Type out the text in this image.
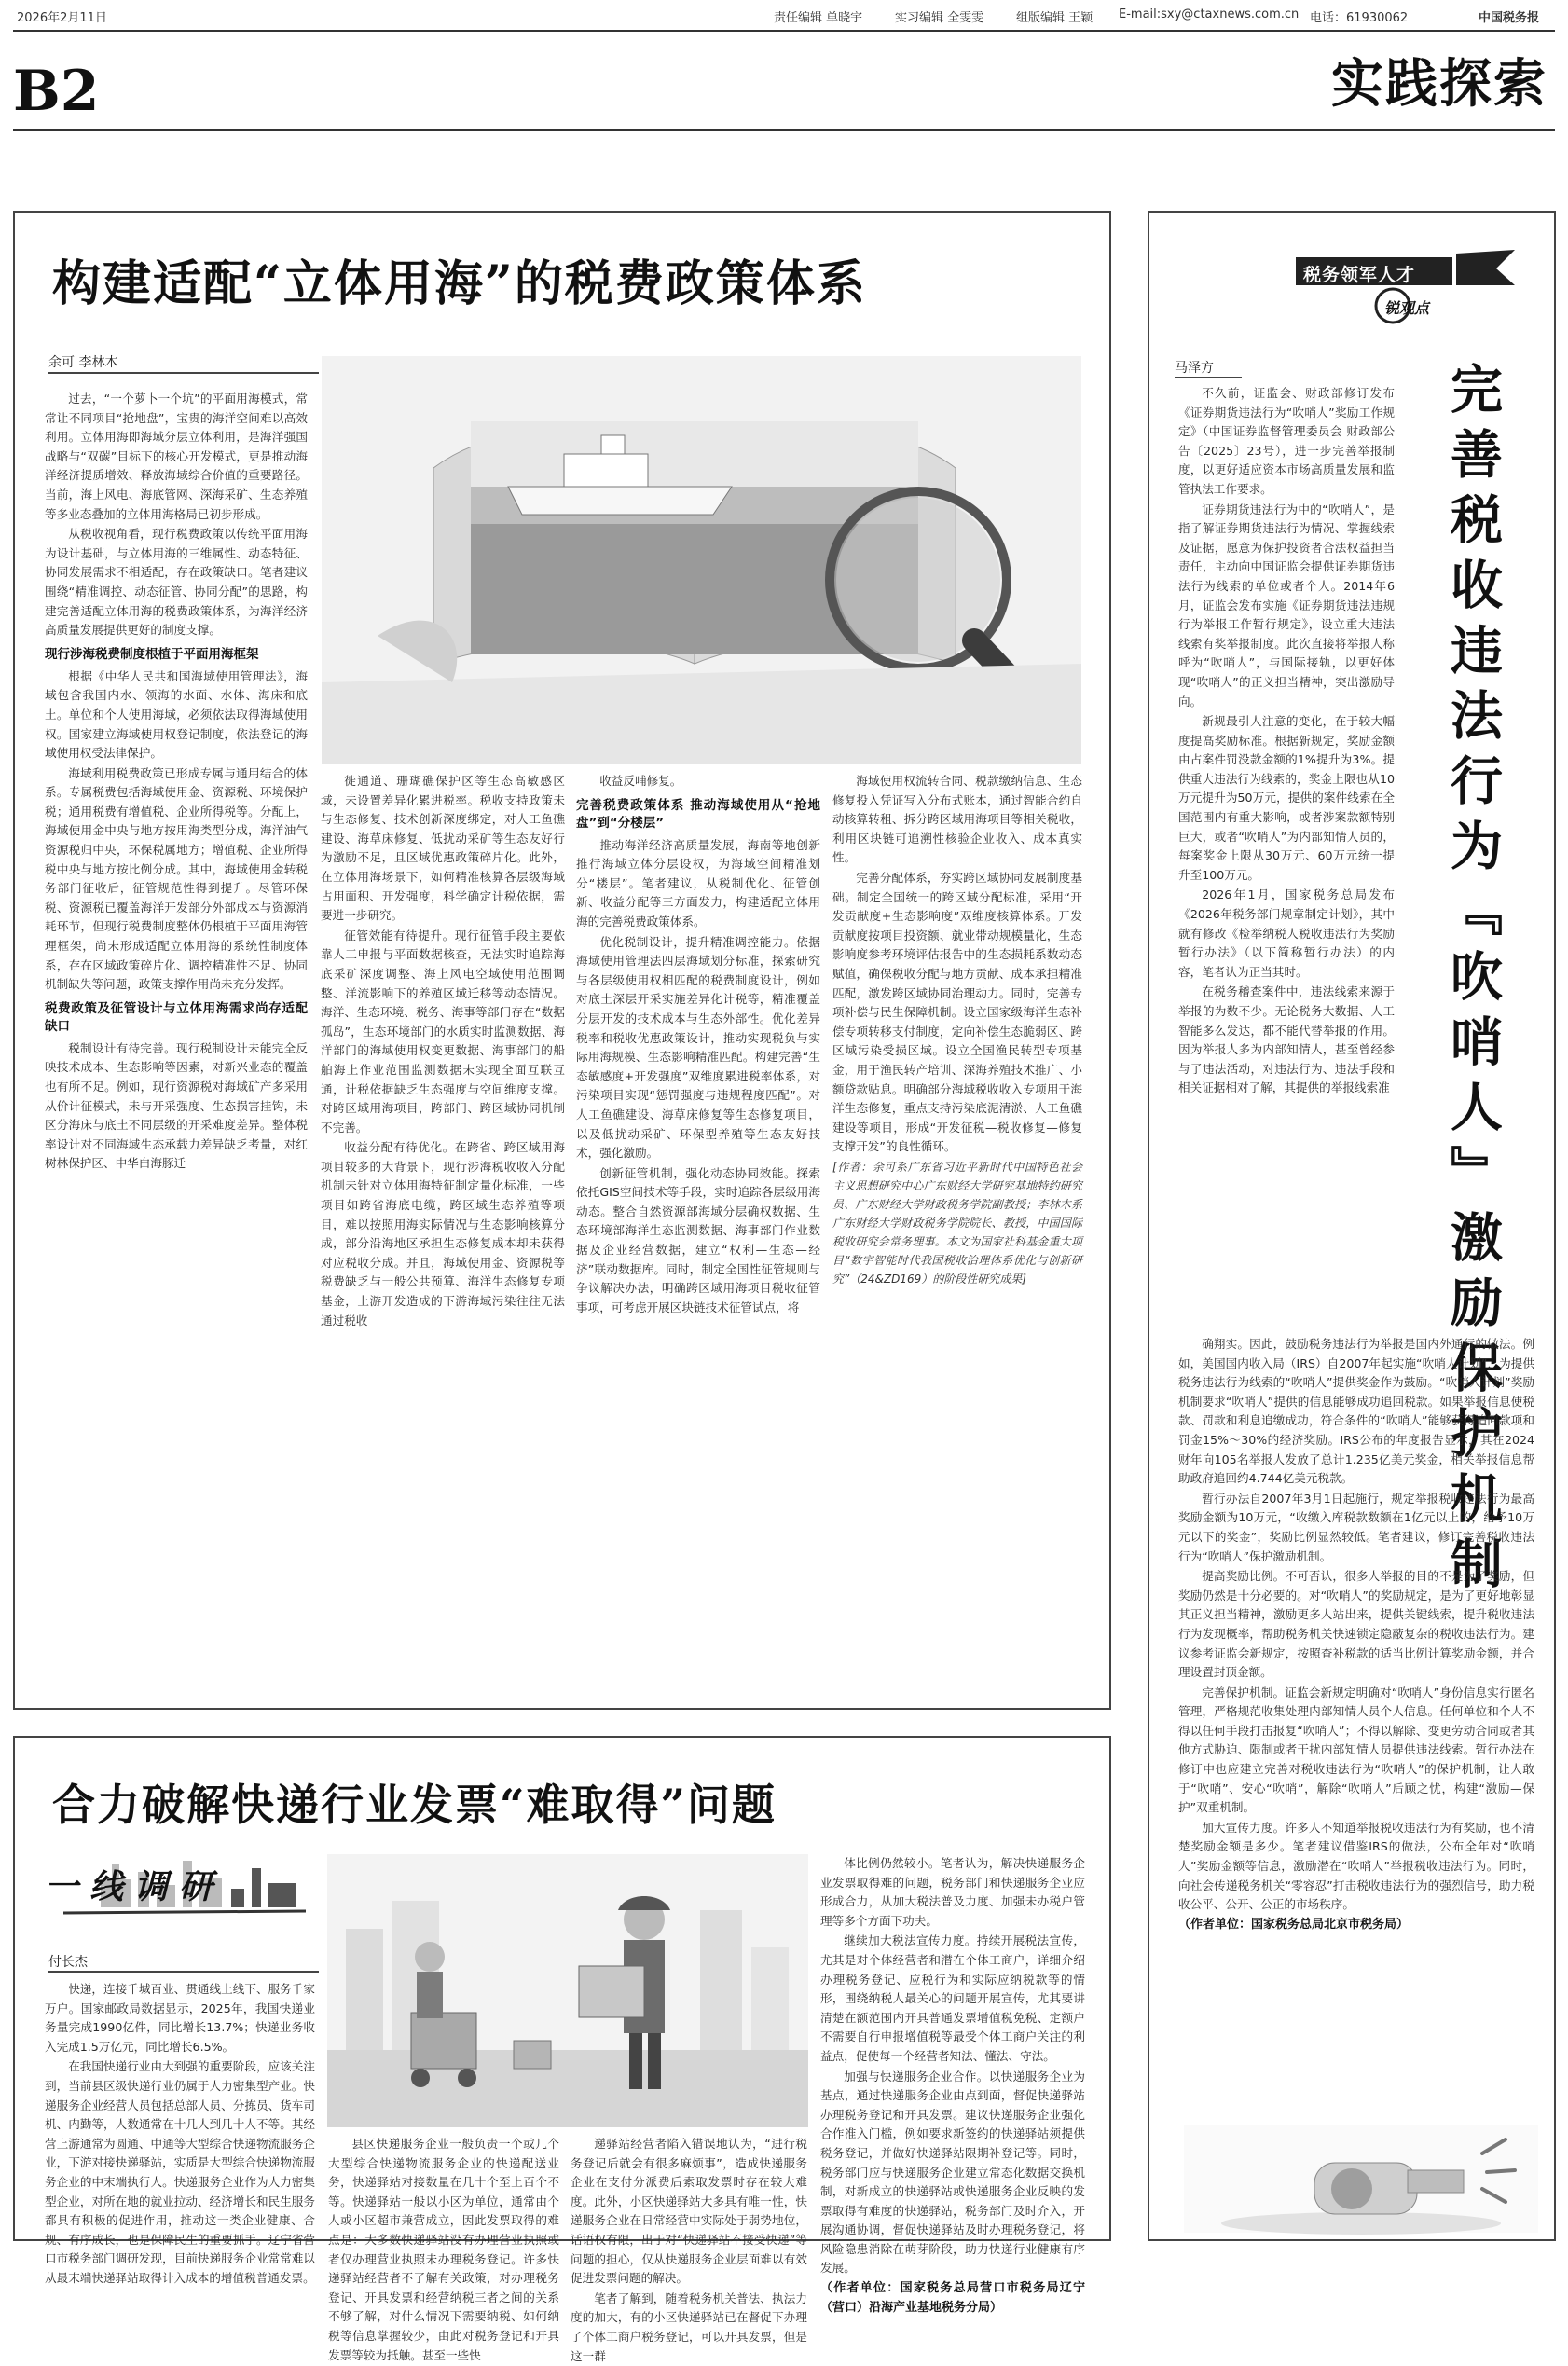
2026年2月11日	责任编辑 单晓宇	实习编辑 全雯雯	组版编辑 王颖 E-mail:sxy@ctaxnews.com.cn 电话：61930062	中国税务报
B2	实践探索
构建适配“立体用海”的税费政策体系
余可 李林木

过去，“一个萝卜一个坑”的平面用海模式，常常让不同项目“抢地盘”，宝贵的海洋空间难以高效利用。立体用海即海域分层立体利用，是海洋强国战略与“双碳”目标下的核心开发模式，更是推动海洋经济提质增效、释放海域综合价值的重要路径。当前，海上风电、海底管网、深海采矿、生态养殖等多业态叠加的立体用海格局已初步形成。

从税收视角看，现行税费政策以传统平面用海为设计基础，与立体用海的三维属性、动态特征、协同发展需求不相适配，存在政策缺口。笔者建议围绕“精准调控、动态征管、协同分配”的思路，构建完善适配立体用海的税费政策体系，为海洋经济高质量发展提供更好的制度支撑。

现行涉海税费制度根植于平面用海框架

根据《中华人民共和国海域使用管理法》，海域包含我国内水、领海的水面、水体、海床和底土。单位和个人使用海域，必须依法取得海域使用权。国家建立海域使用权登记制度，依法登记的海域使用权受法律保护。

海域利用税费政策已形成专属与通用结合的体系。专属税费包括海域使用金、资源税、环境保护税；通用税费有增值税、企业所得税等。分配上，海域使用金中央与地方按用海类型分成，海洋油气资源税归中央，环保税属地方；增值税、企业所得税中央与地方按比例分成。其中，海域使用金转税务部门征收后，征管规范性得到提升。尽管环保税、资源税已覆盖海洋开发部分外部成本与资源消耗环节，但现行税费制度整体仍根植于平面用海管理框架，尚未形成适配立体用海的系统性制度体系，存在区域政策碎片化、调控精准性不足、协同机制缺失等问题，政策支撑作用尚未充分发挥。

税费政策及征管设计与立体用海需求尚存适配缺口

税制设计有待完善。现行税制设计未能完全反映技术成本、生态影响等因素，对新兴业态的覆盖也有所不足。例如，现行资源税对海域矿产多采用从价计征模式，未与开采强度、生态损害挂钩，未区分海床与底土不同层级的开采难度差异。整体税率设计对不同海域生态承载力差异缺乏考量，对红树林保护区、中华白海豚迁

徙通道、珊瑚礁保护区等生态高敏感区域，未设置差异化累进税率。税收支持政策未与生态修复、技术创新深度绑定，对人工鱼礁建设、海草床修复、低扰动采矿等生态友好行为激励不足，且区域优惠政策碎片化。此外，在立体用海场景下，如何精准核算各层级海域占用面积、开发强度，科学确定计税依据，需要进一步研究。

征管效能有待提升。现行征管手段主要依靠人工申报与平面数据核查，无法实时追踪海底采矿深度调整、海上风电空域使用范围调整、洋流影响下的养殖区域迁移等动态情况。海洋、生态环境、税务、海事等部门存在“数据孤岛”，生态环境部门的水质实时监测数据、海洋部门的海域使用权变更数据、海事部门的船舶海上作业范围监测数据未实现全面互联互通，计税依据缺乏生态强度与空间维度支撑。对跨区域用海项目，跨部门、跨区域协同机制不完善。

收益分配有待优化。在跨省、跨区域用海项目较多的大背景下，现行涉海税收收入分配机制未针对立体用海特征制定量化标准，一些项目如跨省海底电缆，跨区域生态养殖等项目，难以按照用海实际情况与生态影响核算分成，部分沿海地区承担生态修复成本却未获得对应税收分成。并且，海域使用金、资源税等税费缺乏与一般公共预算、海洋生态修复专项基金，上游开发造成的下游海域污染往往无法通过税收

收益反哺修复。

完善税费政策体系 推动海域使用从“抢地盘”到“分楼层”

推动海洋经济高质量发展，海南等地创新推行海域立体分层设权，为海域空间精准划分“楼层”。笔者建议，从税制优化、征管创新、收益分配等三方面发力，构建适配立体用海的完善税费政策体系。

优化税制设计，提升精准调控能力。依据海域使用管理法四层海域划分标准，探索研究与各层级使用权相匹配的税费制度设计，例如对底土深层开采实施差异化计税等，精准覆盖分层开发的技术成本与生态外部性。优化差异税率和税收优惠政策设计，推动实现税负与实际用海规模、生态影响精准匹配。构建完善“生态敏感度+开发强度”双维度累进税率体系，对污染项目实现“惩罚强度与违规程度匹配”。对人工鱼礁建设、海草床修复等生态修复项目，以及低扰动采矿、环保型养殖等生态友好技术，强化激励。

创新征管机制，强化动态协同效能。探索依托GIS空间技术等手段，实时追踪各层级用海动态。整合自然资源部海域分层确权数据、生态环境部海洋生态监测数据、海事部门作业数据及企业经营数据，建立“权利—生态—经济”联动数据库。同时，制定全国性征管规则与争议解决办法，明确跨区域用海项目税收征管事项，可考虑开展区块链技术征管试点，将

海域使用权流转合同、税款缴纳信息、生态修复投入凭证写入分布式账本，通过智能合约自动核算转租、拆分跨区域用海项目等相关税收，利用区块链可追溯性核验企业收入、成本真实性。

完善分配体系，夯实跨区域协同发展制度基础。制定全国统一的跨区域分配标准，采用“开发贡献度+生态影响度”双维度核算体系。开发贡献度按项目投资额、就业带动规模量化，生态影响度参考环境评估报告中的生态损耗系数动态赋值，确保税收分配与地方贡献、成本承担精准匹配，激发跨区域协同治理动力。同时，完善专项补偿与民生保障机制。设立国家级海洋生态补偿专项转移支付制度，定向补偿生态脆弱区、跨区域污染受损区域。设立全国渔民转型专项基金，用于渔民转产培训、深海养殖技术推广、小额贷款贴息。明确部分海域税收收入专项用于海洋生态修复，重点支持污染底泥清淤、人工鱼礁建设等项目，形成“开发征税—税收修复—修复支撑开发”的良性循环。

[作者：余可系广东省习近平新时代中国特色社会主义思想研究中心广东财经大学研究基地特约研究员、广东财经大学财政税务学院副教授；李林木系广东财经大学财政税务学院院长、教授，中国国际税收研究会常务理事。本文为国家社科基金重大项目“数字智能时代我国税收治理体系优化与创新研究”（24&ZD169）的阶段性研究成果]

税务领军人才
锐观点
马泽方	完善税收违法行为『吹哨人』激励保护机制

不久前，证监会、财政部修订发布《证券期货违法行为“吹哨人”奖励工作规定》（中国证券监督管理委员会 财政部公告〔2025〕23号），进一步完善举报制度，以更好适应资本市场高质量发展和监管执法工作要求。

证券期货违法行为中的“吹哨人”，是指了解证券期货违法行为情况、掌握线索及证据，愿意为保护投资者合法权益担当责任，主动向中国证监会提供证券期货违法行为线索的单位或者个人。2014年6月，证监会发布实施《证券期货违法违规行为举报工作暂行规定》，设立重大违法线索有奖举报制度。此次直接将举报人称呼为“吹哨人”，与国际接轨，以更好体现“吹哨人”的正义担当精神，突出激励导向。

新规最引人注意的变化，在于较大幅度提高奖励标准。根据新规定，奖励金额由占案件罚没款金额的1%提升为3%。提供重大违法行为线索的，奖金上限也从10万元提升为50万元，提供的案件线索在全国范围内有重大影响，或者涉案款额特别巨大，或者“吹哨人”为内部知情人员的，每案奖金上限从30万元、60万元统一提升至100万元。

2026年1月，国家税务总局发布《2026年税务部门规章制定计划》，其中就有修改《检举纳税人税收违法行为奖励暂行办法》（以下简称暂行办法）的内容，笔者认为正当其时。

在税务稽查案件中，违法线索来源于举报的为数不少。无论税务大数据、人工智能多么发达，都不能代替举报的作用。因为举报人多为内部知情人，甚至曾经参与了违法活动，对违法行为、违法手段和相关证据相对了解，其提供的举报线索准

确翔实。因此，鼓励税务违法行为举报是国内外通行的做法。例如，美国国内收入局（IRS）自2007年起实施“吹哨人计划”，为提供税务违法行为线索的“吹哨人”提供奖金作为鼓励。“吹哨人计划”奖励机制要求“吹哨人”提供的信息能够成功追回税款。如果举报信息使税款、罚款和利息追缴成功，符合条件的“吹哨人”能够获得追回款项和罚金15%～30%的经济奖励。IRS公布的年度报告显示，其在2024财年向105名举报人发放了总计1.235亿美元奖金，相关举报信息帮助政府追回约4.744亿美元税款。

暂行办法自2007年3月1日起施行，规定举报税收违法行为最高奖励金额为10万元，“收缴入库税款数额在1亿元以上的，给予10万元以下的奖金”，奖励比例显然较低。笔者建议，修订完善税收违法行为“吹哨人”保护激励机制。

提高奖励比例。不可否认，很多人举报的目的不是为了奖励，但奖励仍然是十分必要的。对“吹哨人”的奖励规定，是为了更好地彰显其正义担当精神，激励更多人站出来，提供关键线索，提升税收违法行为发现概率，帮助税务机关快速锁定隐蔽复杂的税收违法行为。建议参考证监会新规定，按照查补税款的适当比例计算奖励金额，并合理设置封顶金额。

完善保护机制。证监会新规定明确对“吹哨人”身份信息实行匿名管理，严格规范收集处理内部知情人员个人信息。任何单位和个人不得以任何手段打击报复“吹哨人”；不得以解除、变更劳动合同或者其他方式胁迫、限制或者干扰内部知情人员提供违法线索。暂行办法在修订中也应建立完善对税收违法行为“吹哨人”的保护机制，让人敢于“吹哨”、安心“吹哨”，解除“吹哨人”后顾之忧，构建“激励—保护”双重机制。

加大宣传力度。许多人不知道举报税收违法行为有奖励，也不清楚奖励金额是多少。笔者建议借鉴IRS的做法，公布全年对“吹哨人”奖励金额等信息，激励潜在“吹哨人”举报税收违法行为。同时，向社会传递税务机关“零容忍”打击税收违法行为的强烈信号，助力税收公平、公开、公正的市场秩序。

（作者单位：国家税务总局北京市税务局）

合力破解快递行业发票“难取得”问题
一线调研
付长杰

快递，连接千城百业、贯通线上线下、服务千家万户。国家邮政局数据显示，2025年，我国快递业务量完成1990亿件，同比增长13.7%；快递业务收入完成1.5万亿元，同比增长6.5%。

在我国快递行业由大到强的重要阶段，应该关注到，当前县区级快递行业仍属于人力密集型产业。快递服务企业经营人员包括总部人员、分拣员、货车司机、内勤等，人数通常在十几人到几十人不等。其经营上游通常为圆通、中通等大型综合快递物流服务企业，下游对接快递驿站，实质是大型综合快递物流服务企业的中末端执行人。快递服务企业作为人力密集型企业，对所在地的就业拉动、经济增长和民生服务都具有积极的促进作用，推动这一类企业健康、合规、有序成长，也是保障民生的重要抓手。辽宁省营口市税务部门调研发现，目前快递服务企业常常难以从最末端快递驿站取得计入成本的增值税普通发票。

县区快递服务企业一般负责一个或几个大型综合快递物流服务企业的快递配送业务，快递驿站对接数量在几十个至上百个不等。快递驿站一般以小区为单位，通常由个人或小区超市兼营成立，因此发票取得的难点是：大多数快递驿站没有办理营业执照或者仅办理营业执照未办理税务登记。许多快递驿站经营者不了解有关政策，对办理税务登记、开具发票和经营纳税三者之间的关系不够了解，对什么情况下需要纳税、如何纳税等信息掌握较少，由此对税务登记和开具发票等较为抵触。甚至一些快

递驿站经营者陷入错误地认为，“进行税务登记后就会有很多麻烦事”，造成快递服务企业在支付分派费后索取发票时存在较大难度。此外，小区快递驿站大多具有唯一性，快递服务企业在日常经营中实际处于弱势地位，话语权有限，出于对“快递驿站不接受快递”等问题的担心，仅从快递服务企业层面难以有效促进发票问题的解决。

笔者了解到，随着税务机关普法、执法力度的加大，有的小区快递驿站已在督促下办理了个体工商户税务登记，可以开具发票，但是这一群

体比例仍然较小。笔者认为，解决快递服务企业发票取得难的问题，税务部门和快递服务企业应形成合力，从加大税法普及力度、加强未办税户管理等多个方面下功夫。

继续加大税法宣传力度。持续开展税法宣传，尤其是对个体经营者和潜在个体工商户，详细介绍办理税务登记、应税行为和实际应纳税款等的情形，围绕纳税人最关心的问题开展宣传，尤其要讲清楚在额范围内开具普通发票增值税免税、定额户不需要自行申报增值税等最受个体工商户关注的利益点，促使每一个经营者知法、懂法、守法。

加强与快递服务企业合作。以快递服务企业为基点，通过快递服务企业由点到面，督促快递驿站办理税务登记和开具发票。建议快递服务企业强化合作准入门槛，例如要求新签约的快递驿站须提供税务登记，并做好快递驿站限期补登记等。同时，税务部门应与快递服务企业建立常态化数据交换机制，对新成立的快递驿站或快递服务企业反映的发票取得有难度的快递驿站，税务部门及时介入，开展沟通协调，督促快递驿站及时办理税务登记，将风险隐患消除在萌芽阶段，助力快递行业健康有序发展。

（作者单位：国家税务总局营口市税务局辽宁（营口）沿海产业基地税务分局）
